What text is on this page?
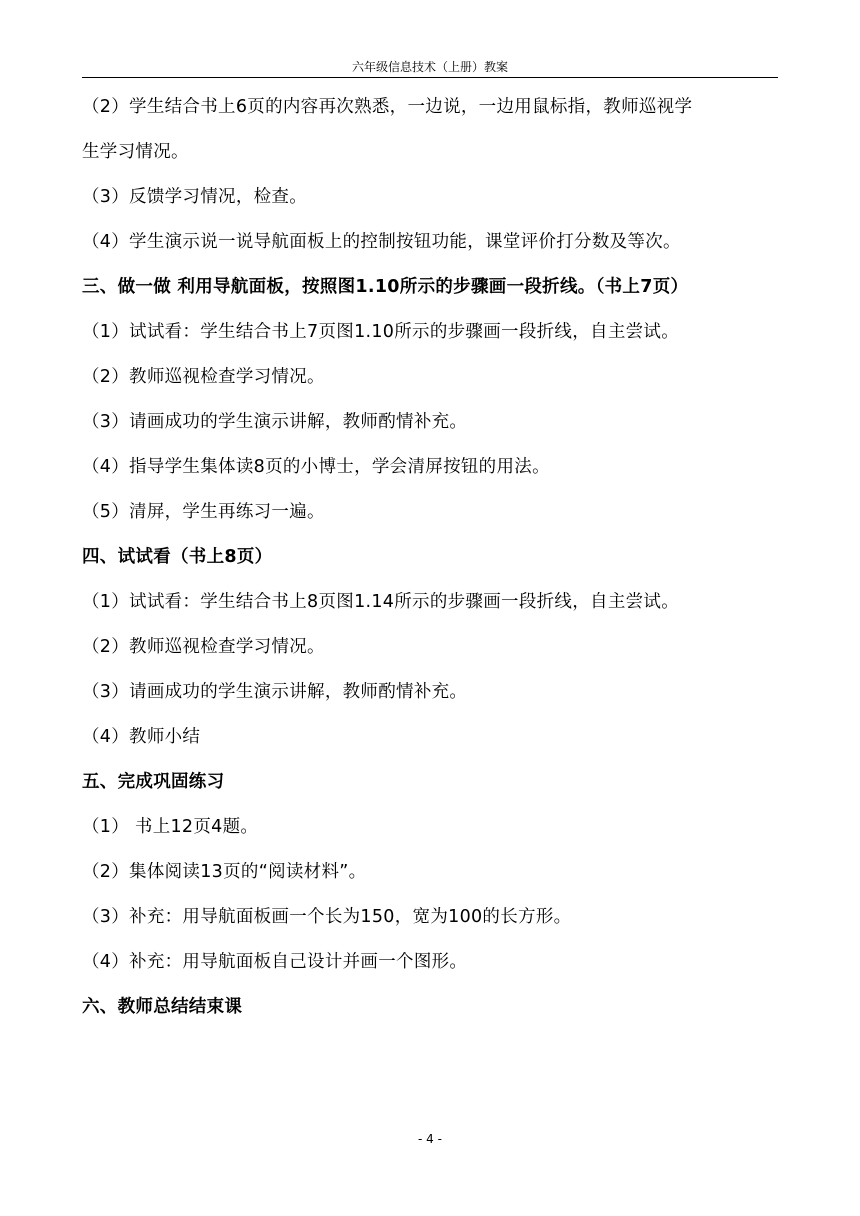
六年级信息技术（上册）教案
（2）学生结合书上6页的内容再次熟悉，一边说，一边用鼠标指，教师巡视学
生学习情况。
（3）反馈学习情况，检查。
（4）学生演示说一说导航面板上的控制按钮功能，课堂评价打分数及等次。
三、做一做 利用导航面板，按照图1.10所示的步骤画一段折线。（书上7页）
（1）试试看：学生结合书上7页图1.10所示的步骤画一段折线，自主尝试。
（2）教师巡视检查学习情况。
（3）请画成功的学生演示讲解，教师酌情补充。
（4）指导学生集体读8页的小博士，学会清屏按钮的用法。
（5）清屏，学生再练习一遍。
四、试试看（书上8页）
（1）试试看：学生结合书上8页图1.14所示的步骤画一段折线，自主尝试。
（2）教师巡视检查学习情况。
（3）请画成功的学生演示讲解，教师酌情补充。
（4）教师小结
五、完成巩固练习
（1） 书上12页4题。
（2）集体阅读13页的“阅读材料”。
（3）补充：用导航面板画一个长为150，宽为100的长方形。
（4）补充：用导航面板自己设计并画一个图形。
六、教师总结结束课
- 4 -
